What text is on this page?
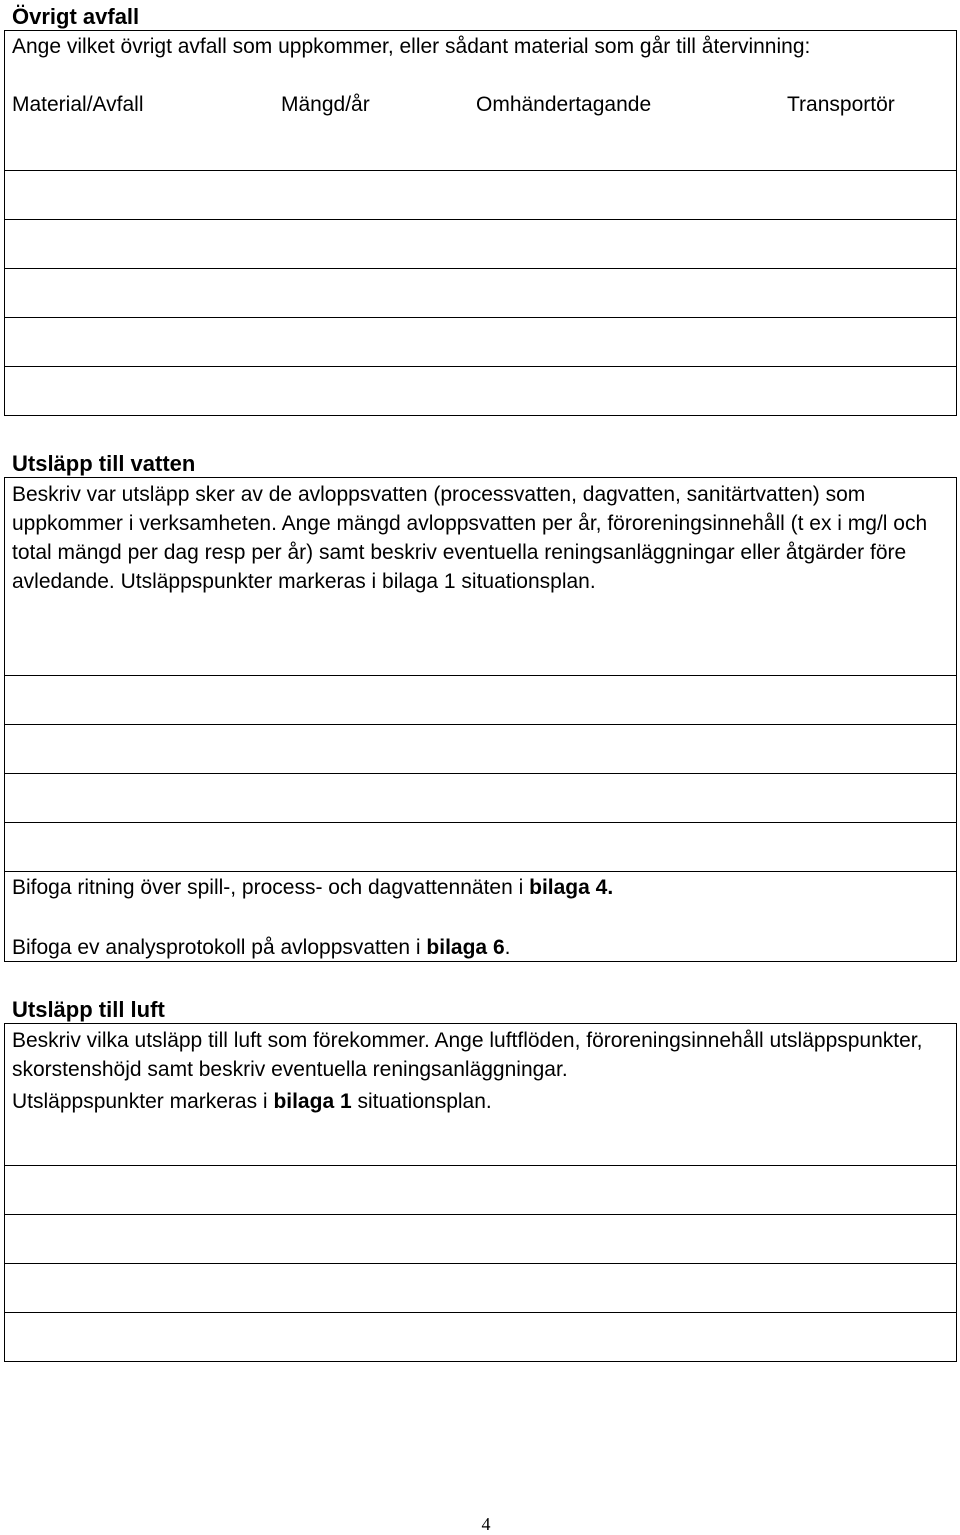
Övrigt avfall
Ange vilket övrigt avfall som uppkommer, eller sådant material som går till återvinning:
Material/Avfall	Mängd/år	Omhändertagande	Transportör
Utsläpp till vatten
Beskriv var utsläpp sker av de avloppsvatten (processvatten, dagvatten, sanitärtvatten) som uppkommer i verksamheten. Ange mängd avloppsvatten per år, föroreningsinnehåll (t ex i mg/l och total mängd per dag resp per år) samt beskriv eventuella reningsanläggningar eller åtgärder före avledande. Utsläppspunkter markeras i bilaga 1 situationsplan.
Bifoga ritning över spill-, process- och dagvattennäten i bilaga 4.
Bifoga ev analysprotokoll på avloppsvatten i bilaga 6.
Utsläpp till luft
Beskriv vilka utsläpp till luft som förekommer. Ange luftflöden, föroreningsinnehåll utsläppspunkter, skorstenshöjd samt beskriv eventuella reningsanläggningar.
Utsläppspunkter markeras i bilaga 1 situationsplan.
4
